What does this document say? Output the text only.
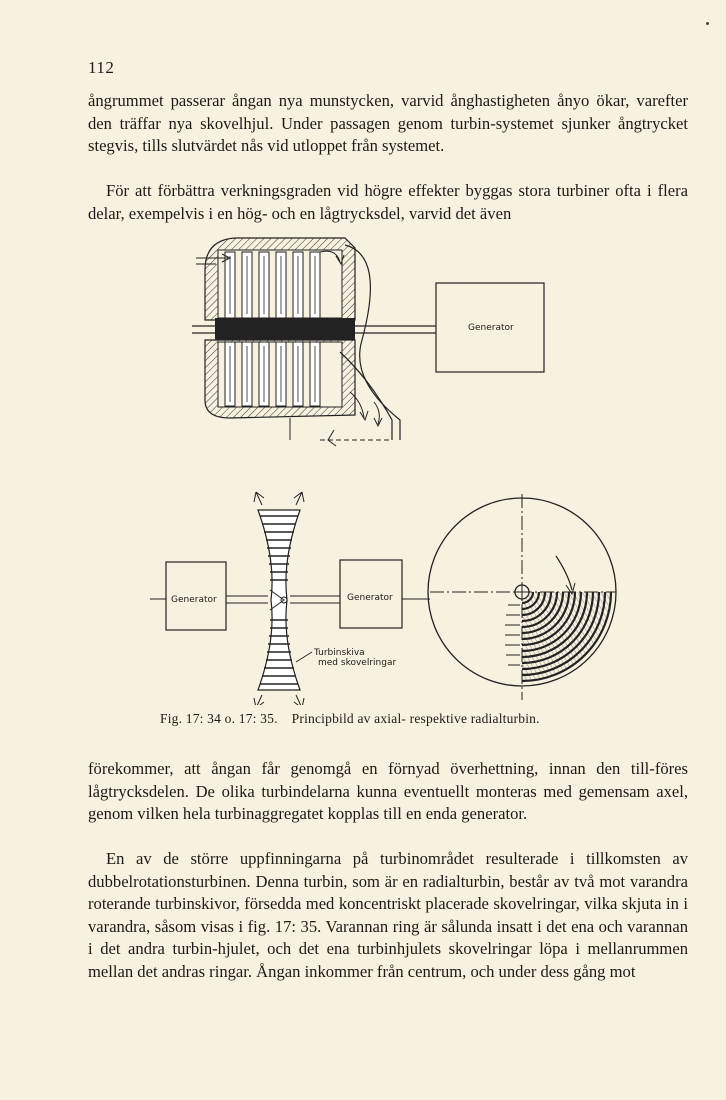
112

ångrummet passerar ångan nya munstycken, varvid ånghastigheten ånyo ökar, varefter den träffar nya skovelhjul. Under passagen genom turbin-systemet sjunker ångtrycket stegvis, tills slutvärdet nås vid utloppet från systemet.

För att förbättra verkningsgraden vid högre effekter byggas stora turbiner ofta i flera delar, exempelvis i en hög- och en lågtrycksdel, varvid det även

Generator
Generator	Generator
Turbinskiva
med skovelringar
Fig. 17: 34 o. 17: 35. Principbild av axial- respektive radialturbin.

förekommer, att ångan får genomgå en förnyad överhettning, innan den till-föres lågtrycksdelen. De olika turbindelarna kunna eventuellt monteras med gemensam axel, genom vilken hela turbinaggregatet kopplas till en enda generator.

En av de större uppfinningarna på turbinområdet resulterade i tillkomsten av dubbelrotationsturbinen. Denna turbin, som är en radialturbin, består av två mot varandra roterande turbinskivor, försedda med koncentriskt placerade skovelringar, vilka skjuta in i varandra, såsom visas i fig. 17: 35. Varannan ring är sålunda insatt i det ena och varannan i det andra turbin-hjulet, och det ena turbinhjulets skovelringar löpa i mellanrummen mellan det andras ringar. Ångan inkommer från centrum, och under dess gång mot
